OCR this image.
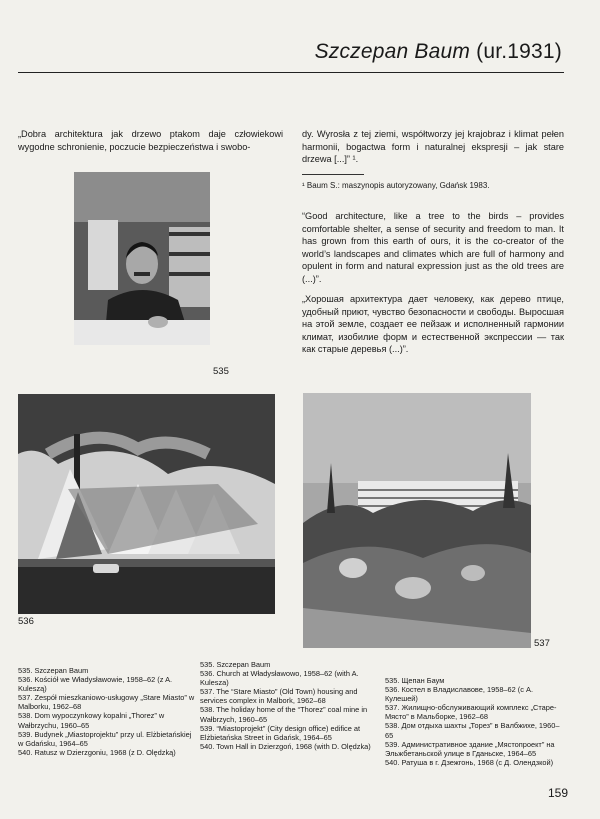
Szczepan Baum (ur.1931)

„Dobra architektura jak drzewo ptakom daje człowiekowi wygodne schronienie, poczucie bezpieczeństwa i swobo-

dy. Wyrosła z tej ziemi, współtworzy jej krajobraz i klimat pełen harmonii, bogactwa form i naturalnej ekspresji – jak stare drzewa [...]” ¹.

¹ Baum S.: maszynopis autoryzowany, Gdańsk 1983.

“Good architecture, like a tree to the birds – provides comfortable shelter, a sense of security and freedom to man. It has grown from this earth of ours, it is the co-creator of the world’s landscapes and climates which are full of harmony and opulent in form and natural expression just as the old trees are (...)”.

„Хорошая архитектура дает человеку, как дерево птице, удобный приют, чувство безопасности и свободы. Выросшая на этой земле, создает ее пейзаж и исполненный гармонии климат, изобилие форм и естественной экспрессии — так как старые деревья (...)”.

535
536
537
535. Szczepan Baum
536. Kościół we Władysławowie, 1958–62 (z A. Kuleszą)
537. Zespół mieszkaniowo-usługowy „Stare Miasto” w Malborku, 1962–68
538. Dom wypoczynkowy kopalni „Thorez” w Wałbrzychu, 1960–65
539. Budynek „Miastoprojektu” przy ul. Elżbietańskiej w Gdańsku, 1964–65
540. Ratusz w Dzierzgoniu, 1968 (z D. Olędzką)
535. Szczepan Baum
536. Church at Władysławowo, 1958–62 (with A. Kulesza)
537. The “Stare Miasto” (Old Town) housing and services complex in Malbork, 1962–68
538. The holiday home of the “Thorez” coal mine in Wałbrzych, 1960–65
539. “Miastoprojekt” (City design office) edifice at Elżbietańska Street in Gdańsk, 1964–65
540. Town Hall in Dzierzgoń, 1968 (with D. Olędzka)
535. Щепан Баум
536. Костел в Владиславове, 1958–62 (с А. Кулешей)
537. Жилищно-обслуживающий комплекс „Старе-Място” в Мальборке, 1962–68
538. Дом отдыха шахты „Торез” в Валбжихе, 1960–65
539. Административное здание „Мястопроект” на Эльжбетаньской улице в Гданьске, 1964–65
540. Ратуша в г. Дзежгонь, 1968 (с Д. Олендзкой)
159
